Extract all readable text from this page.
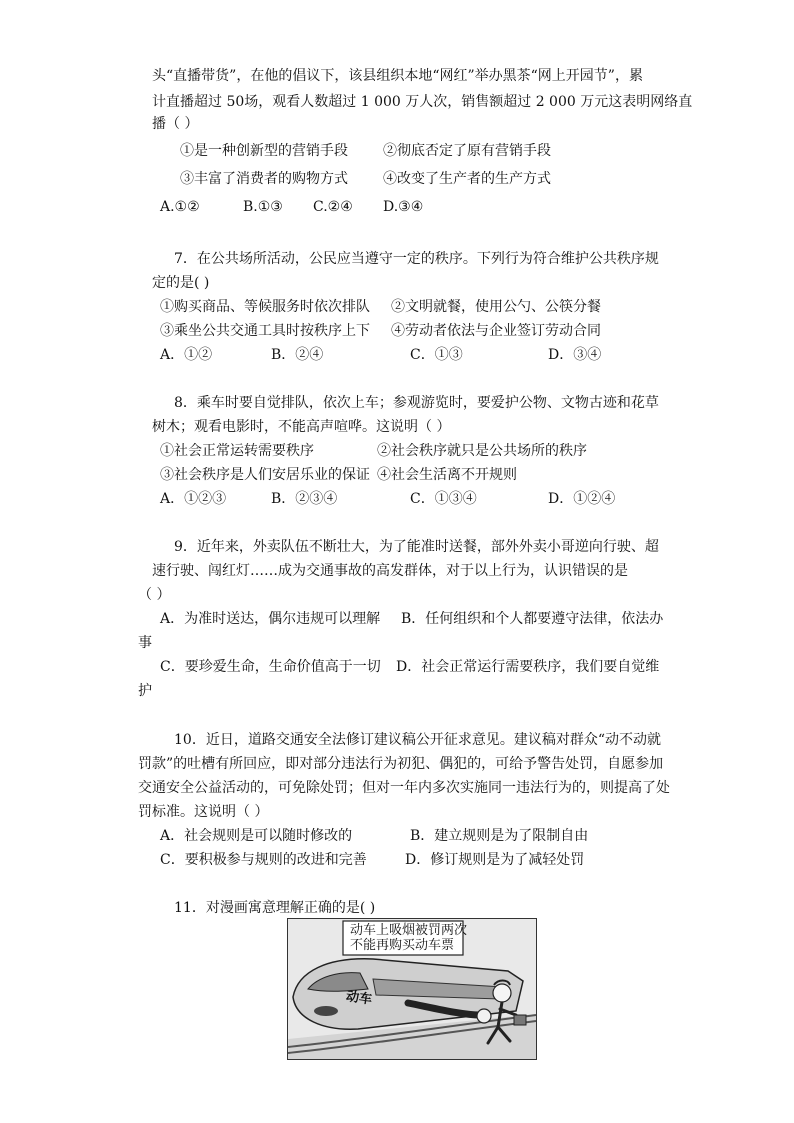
头“直播带货”，在他的倡议下，该县组织本地“网红”举办黑茶“网上开园节”，累
计直播超过 50场，观看人数超过 1 000 万人次，销售额超过 2 000 万元这表明网络直
播（ ）
①是一种创新型的营销手段	②彻底否定了原有营销手段
③丰富了消费者的购物方式	④改变了生产者的生产方式
A.①②	B.①③ C.②④ D.③④
7．在公共场所活动，公民应当遵守一定的秩序。下列行为符合维护公共秩序规
定的是( )
①购买商品、等候服务时依次排队 ②文明就餐，使用公勺、公筷分餐
③乘坐公共交通工具时按秩序上下 ④劳动者依法与企业签订劳动合同
A．①②	B．②④	C．①③	D．③④
8．乘车时要自觉排队，依次上车；参观游览时，要爱护公物、文物古迹和花草
树木；观看电影时，不能高声喧哗。这说明（ ）
①社会正常运转需要秩序	②社会秩序就只是公共场所的秩序
③社会秩序是人们安居乐业的保证 ④社会生活离不开规则
A．①②③	B．②③④	C．①③④	D．①②④
9．近年来，外卖队伍不断壮大，为了能准时送餐，部外外卖小哥逆向行驶、超
速行驶、闯红灯……成为交通事故的高发群体，对于以上行为，认识错误的是
（ ）
A．为准时送达，偶尔违规可以理解 B．任何组织和个人都要遵守法律，依法办
事
C．要珍爱生命，生命价值高于一切 D．社会正常运行需要秩序，我们要自觉维
护
10．近日，道路交通安全法修订建议稿公开征求意见。建议稿对群众“动不动就
罚款”的吐槽有所回应，即对部分违法行为初犯、偶犯的，可给予警告处罚，自愿参加
交通安全公益活动的，可免除处罚；但对一年内多次实施同一违法行为的，则提高了处
罚标准。这说明（ ）
A．社会规则是可以随时修改的	B．建立规则是为了限制自由
C．要积极参与规则的改进和完善	D．修订规则是为了减轻处罚
11．对漫画寓意理解正确的是( )
动车上吸烟被罚两次
不能再购买动车票
动车
